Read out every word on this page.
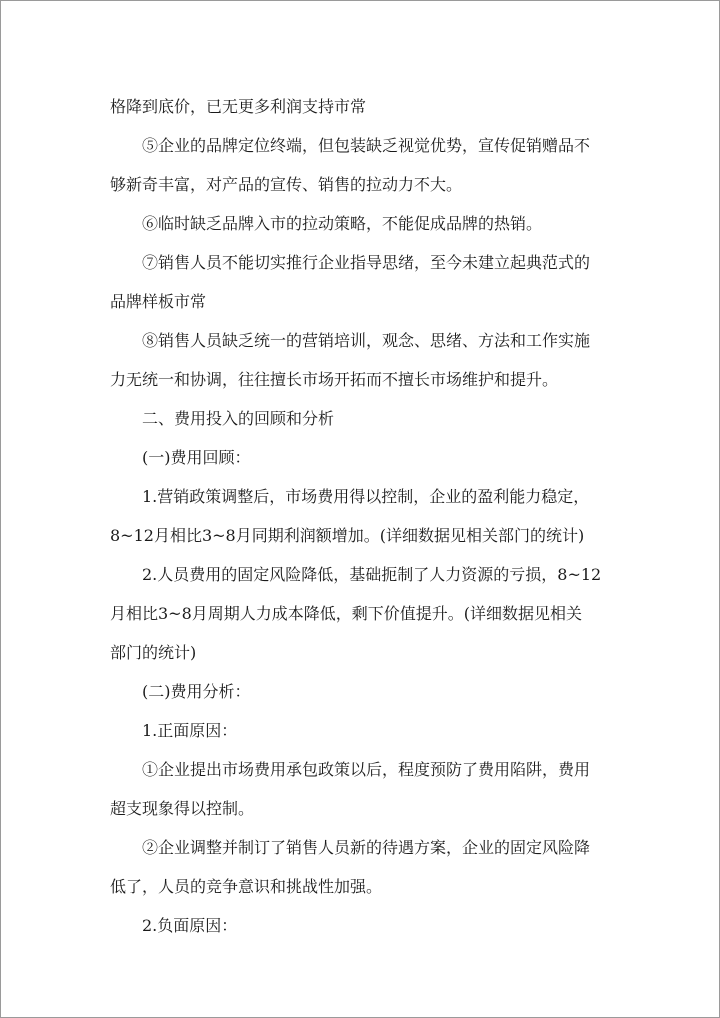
格降到底价，已无更多利润支持市常
⑤企业的品牌定位终端，但包装缺乏视觉优势，宣传促销赠品不
够新奇丰富，对产品的宣传、销售的拉动力不大。
⑥临时缺乏品牌入市的拉动策略，不能促成品牌的热销。
⑦销售人员不能切实推行企业指导思绪，至今未建立起典范式的
品牌样板市常
⑧销售人员缺乏统一的营销培训，观念、思绪、方法和工作实施
力无统一和协调，往往擅长市场开拓而不擅长市场维护和提升。
二、费用投入的回顾和分析
(一)费用回顾：
1.营销政策调整后，市场费用得以控制，企业的盈利能力稳定，
8~12月相比3~8月同期利润额增加。(详细数据见相关部门的统计)
2.人员费用的固定风险降低，基础扼制了人力资源的亏损，8~12
月相比3~8月周期人力成本降低，剩下价值提升。(详细数据见相关
部门的统计)
(二)费用分析：
1.正面原因：
①企业提出市场费用承包政策以后，程度预防了费用陷阱，费用
超支现象得以控制。
②企业调整并制订了销售人员新的待遇方案，企业的固定风险降
低了，人员的竞争意识和挑战性加强。
2.负面原因：
